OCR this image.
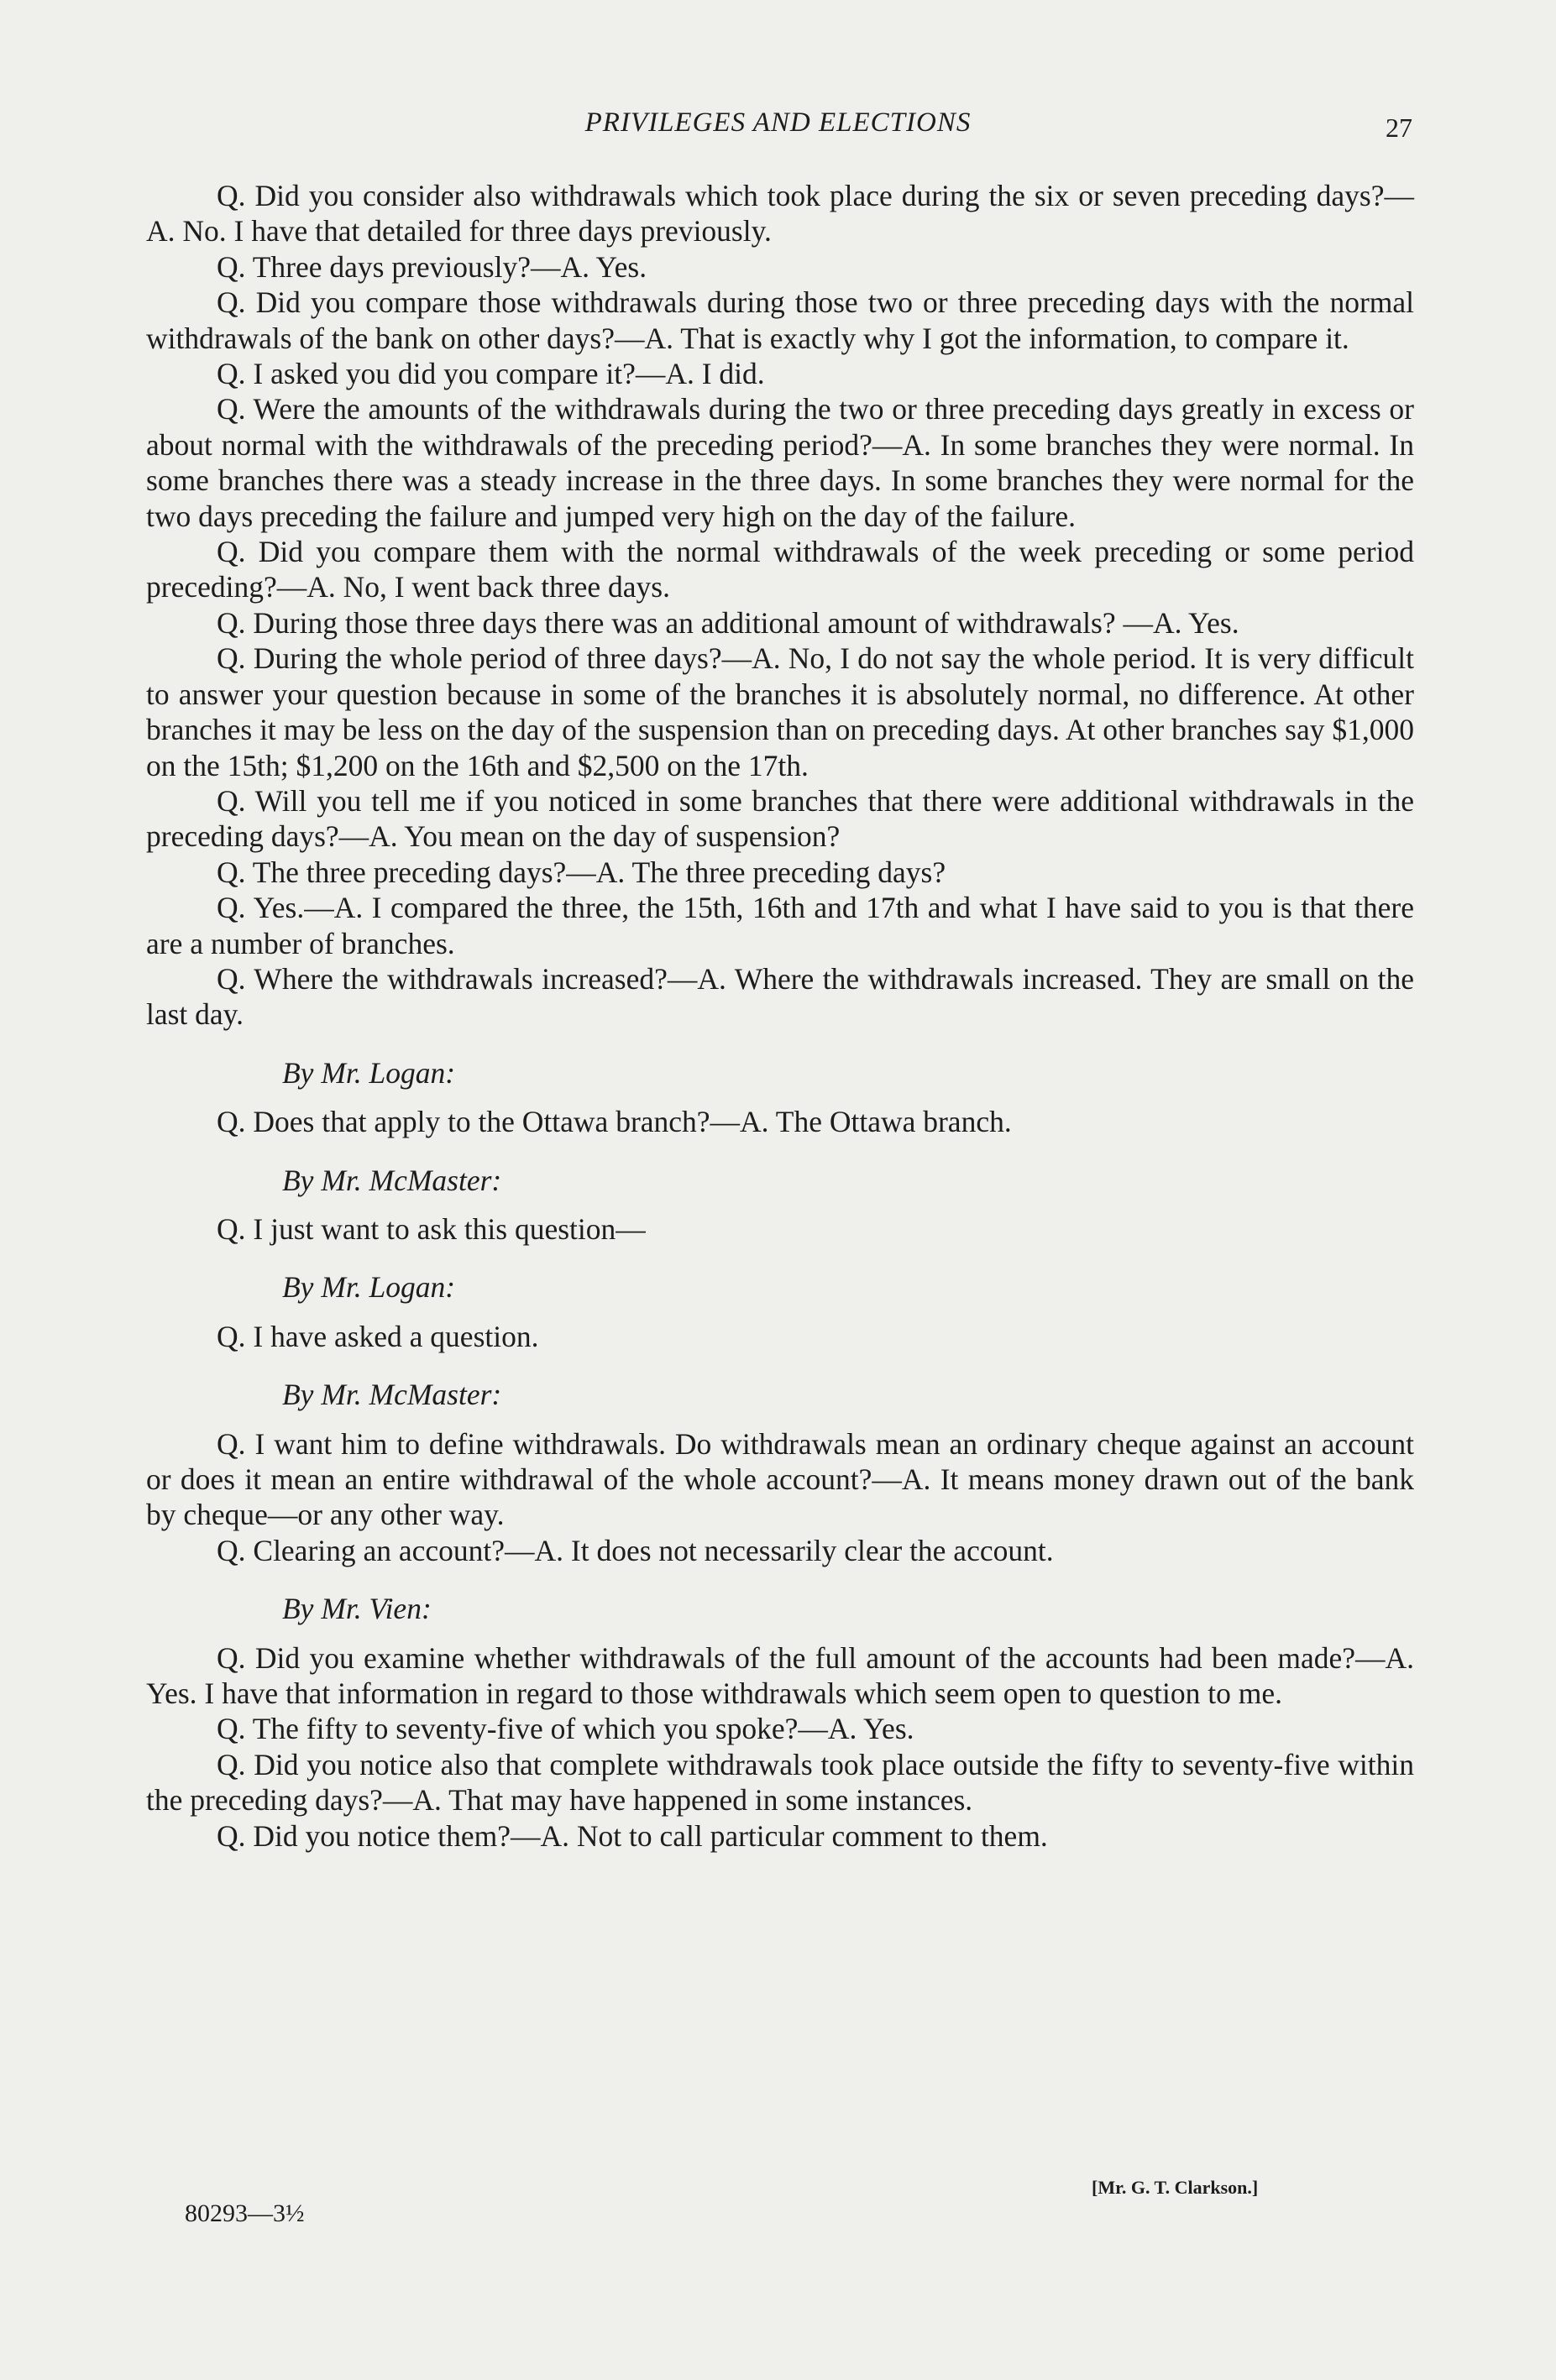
PRIVILEGES AND ELECTIONS	27

Q. Did you consider also withdrawals which took place during the six or seven preceding days?—A. No. I have that detailed for three days previously.

Q. Three days previously?—A. Yes.

Q. Did you compare those withdrawals during those two or three preceding days with the normal withdrawals of the bank on other days?—A. That is exactly why I got the information, to compare it.

Q. I asked you did you compare it?—A. I did.

Q. Were the amounts of the withdrawals during the two or three preceding days greatly in excess or about normal with the withdrawals of the preceding period?—A. In some branches they were normal. In some branches there was a steady increase in the three days. In some branches they were normal for the two days preceding the failure and jumped very high on the day of the failure.

Q. Did you compare them with the normal withdrawals of the week preceding or some period preceding?—A. No, I went back three days.

Q. During those three days there was an additional amount of withdrawals? —A. Yes.

Q. During the whole period of three days?—A. No, I do not say the whole period. It is very difficult to answer your question because in some of the branches it is absolutely normal, no difference. At other branches it may be less on the day of the suspension than on preceding days. At other branches say $1,000 on the 15th; $1,200 on the 16th and $2,500 on the 17th.

Q. Will you tell me if you noticed in some branches that there were additional withdrawals in the preceding days?—A. You mean on the day of suspension?

Q. The three preceding days?—A. The three preceding days?

Q. Yes.—A. I compared the three, the 15th, 16th and 17th and what I have said to you is that there are a number of branches.

Q. Where the withdrawals increased?—A. Where the withdrawals increased. They are small on the last day.

By Mr. Logan:

Q. Does that apply to the Ottawa branch?—A. The Ottawa branch.

By Mr. McMaster:

Q. I just want to ask this question—

By Mr. Logan:

Q. I have asked a question.

By Mr. McMaster:

Q. I want him to define withdrawals. Do withdrawals mean an ordinary cheque against an account or does it mean an entire withdrawal of the whole account?—A. It means money drawn out of the bank by cheque—or any other way.

Q. Clearing an account?—A. It does not necessarily clear the account.

By Mr. Vien:

Q. Did you examine whether withdrawals of the full amount of the accounts had been made?—A. Yes. I have that information in regard to those withdrawals which seem open to question to me.

Q. The fifty to seventy-five of which you spoke?—A. Yes.

Q. Did you notice also that complete withdrawals took place outside the fifty to seventy-five within the preceding days?—A. That may have happened in some instances.

Q. Did you notice them?—A. Not to call particular comment to them.

[Mr. G. T. Clarkson.]
80293—3½
